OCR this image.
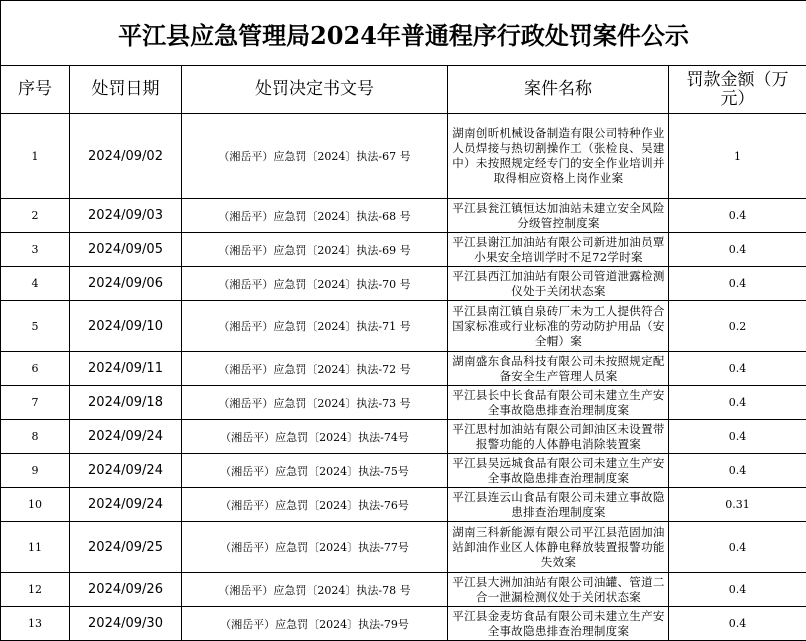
平江县应急管理局2024年普通程序行政处罚案件公示				
序号	处罚日期	处罚决定书文号	案件名称	罚款金额（万元）
1	2024/09/02	（湘岳平）应急罚〔2024〕执法-67 号	湖南创昕机械设备制造有限公司特种作业人员焊接与热切割操作工（张检良、吴建中）未按照规定经专门的安全作业培训并取得相应资格上岗作业案	1
2	2024/09/03	（湘岳平）应急罚〔2024〕执法-68 号	平江县瓮江镇恒达加油站未建立安全风险分级管控制度案	0.4
3	2024/09/05	（湘岳平）应急罚〔2024〕执法-69 号	平江县谢江加油站有限公司新进加油员覃小果安全培训学时不足72学时案	0.4
4	2024/09/06	（湘岳平）应急罚〔2024〕执法-70 号	平江县西江加油站有限公司管道泄露检测仪处于关闭状态案	0.4
5	2024/09/10	（湘岳平）应急罚〔2024〕执法-71 号	平江县南江镇自泉砖厂未为工人提供符合国家标准或行业标准的劳动防护用品（安全帽）案	0.2
6	2024/09/11	（湘岳平）应急罚〔2024〕执法-72 号	湖南盛东食品科技有限公司未按照规定配备安全生产管理人员案	0.4
7	2024/09/18	（湘岳平）应急罚〔2024〕执法-73 号	平江县长中长食品有限公司未建立生产安全事故隐患排查治理制度案	0.4
8	2024/09/24	（湘岳平）应急罚〔2024〕执法-74号	平江思村加油站有限公司卸油区未设置带报警功能的人体静电消除装置案	0.4
9	2024/09/24	（湘岳平）应急罚〔2024〕执法-75号	平江县吴远城食品有限公司未建立生产安全事故隐患排查治理制度案	0.4
10	2024/09/24	（湘岳平）应急罚〔2024〕执法-76号	平江县连云山食品有限公司未建立事故隐患排查治理制度案	0.31
11	2024/09/25	（湘岳平）应急罚〔2024〕执法-77号	湖南三科新能源有限公司平江县范固加油站卸油作业区人体静电释放装置报警功能失效案	0.4
12	2024/09/26	（湘岳平）应急罚〔2024〕执法-78 号	平江县大洲加油站有限公司油罐、管道二合一泄漏检测仪处于关闭状态案	0.4
13	2024/09/30	（湘岳平）应急罚〔2024〕执法-79号	平江县金麦坊食品有限公司未建立生产安全事故隐患排查治理制度案	0.4
